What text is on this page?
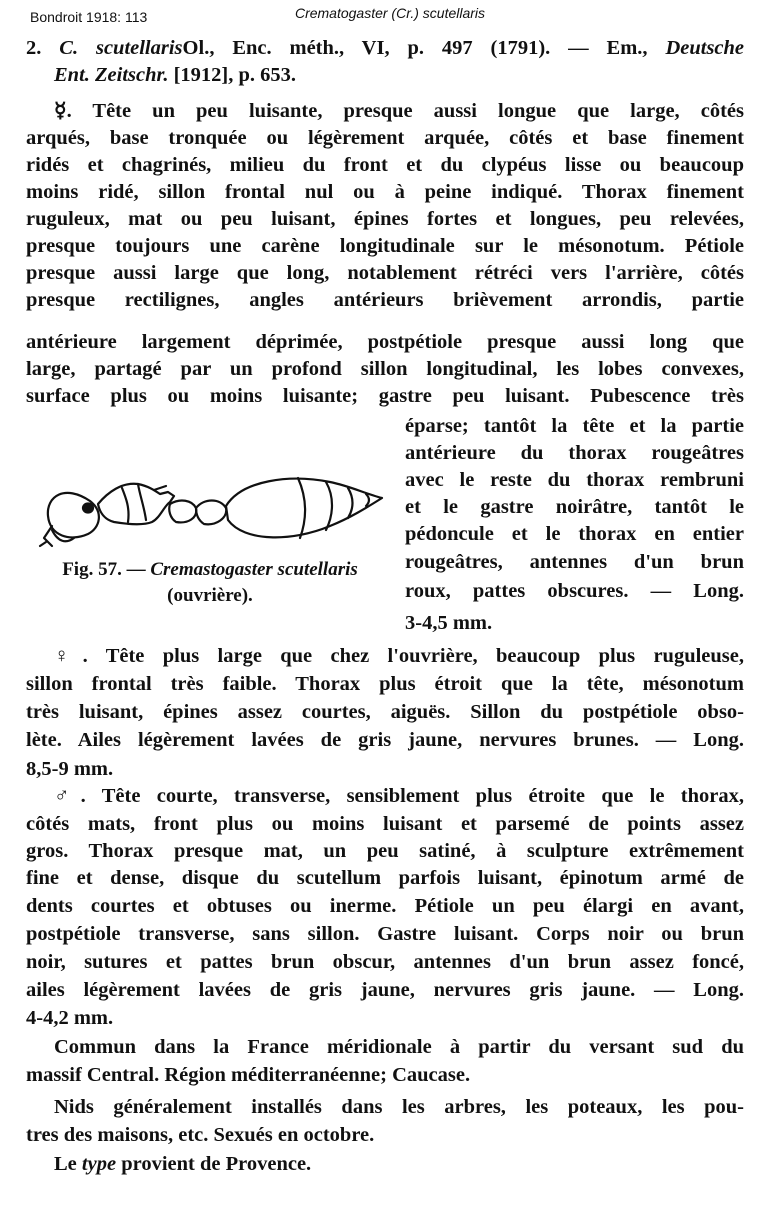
Bondroit 1918: 113	Crematogaster (Cr.) scutellaris
2. C. scutellarisOl., Enc. méth., VI, p. 497 (1791). — Em., Deutsche
Ent. Zeitschr. [1912], p. 653.
☿. Tête un peu luisante, presque aussi longue que large, côtés
arqués, base tronquée ou légèrement arquée, côtés et base finement
ridés et chagrinés, milieu du front et du clypéus lisse ou beaucoup
moins ridé, sillon frontal nul ou à peine indiqué. Thorax finement
ruguleux, mat ou peu luisant, épines fortes et longues, peu relevées,
presque toujours une carène longitudinale sur le mésonotum. Pétiole
presque aussi large que long, notablement rétréci vers l'arrière, côtés
presque rectilignes, angles antérieurs brièvement arrondis, partie
antérieure largement déprimée, postpétiole presque aussi long que
large, partagé par un profond sillon longitudinal, les lobes convexes,
surface plus ou moins luisante; gastre peu luisant. Pubescence très
éparse; tantôt la tête et la partie
antérieure du thorax rougeâtres
avec le reste du thorax rembruni
et le gastre noirâtre, tantôt le
pédoncule et le thorax en entier
rougeâtres, antennes d'un brun
roux, pattes obscures. — Long.
3-4,5 mm.
Fig. 57. — Cremastogaster scutellaris
(ouvrière).
♀. Tête plus large que chez l'ouvrière, beaucoup plus ruguleuse,
sillon frontal très faible. Thorax plus étroit que la tête, mésonotum
très luisant, épines assez courtes, aiguës. Sillon du postpétiole obso-
lète. Ailes légèrement lavées de gris jaune, nervures brunes. — Long.
8,5-9 mm.
♂. Tête courte, transverse, sensiblement plus étroite que le thorax,
côtés mats, front plus ou moins luisant et parsemé de points assez
gros. Thorax presque mat, un peu satiné, à sculpture extrêmement
fine et dense, disque du scutellum parfois luisant, épinotum armé de
dents courtes et obtuses ou inerme. Pétiole un peu élargi en avant,
postpétiole transverse, sans sillon. Gastre luisant. Corps noir ou brun
noir, sutures et pattes brun obscur, antennes d'un brun assez foncé,
ailes légèrement lavées de gris jaune, nervures gris jaune. — Long.
4-4,2 mm.
Commun dans la France méridionale à partir du versant sud du
massif Central. Région méditerranéenne; Caucase.
Nids généralement installés dans les arbres, les poteaux, les pou-
tres des maisons, etc. Sexués en octobre.
Le type provient de Provence.
